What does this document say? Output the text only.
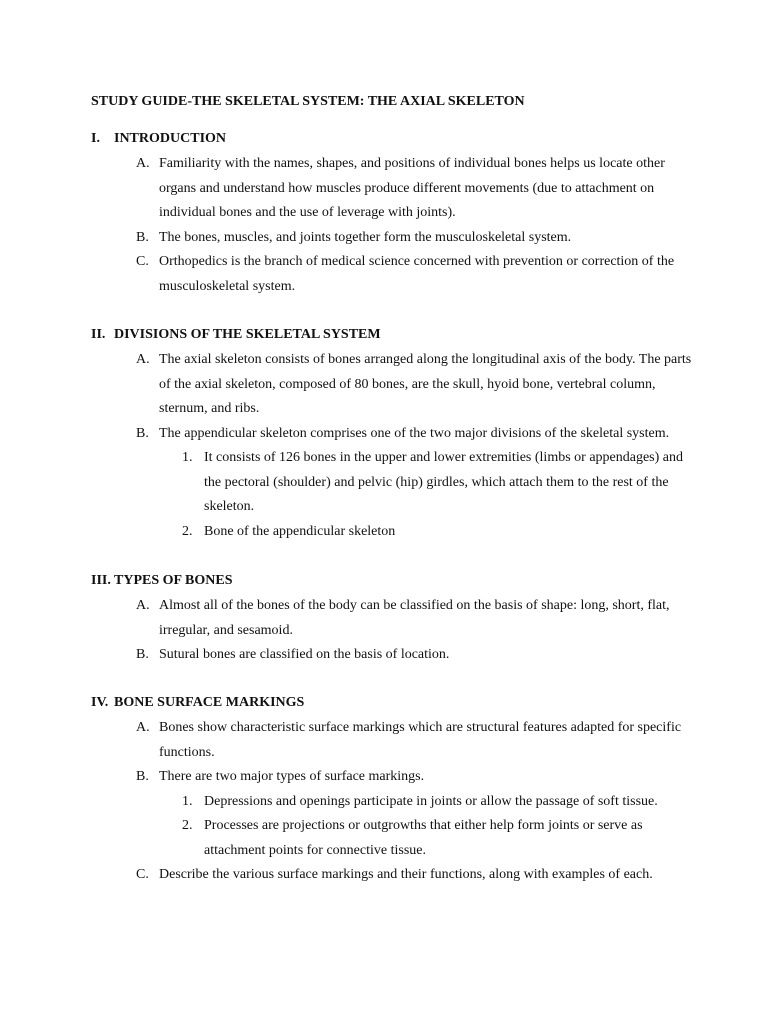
STUDY GUIDE-THE SKELETAL SYSTEM: THE AXIAL SKELETON
I. INTRODUCTION
A. Familiarity with the names, shapes, and positions of individual bones helps us locate other organs and understand how muscles produce different movements (due to attachment on individual bones and the use of leverage with joints).
B. The bones, muscles, and joints together form the musculoskeletal system.
C. Orthopedics is the branch of medical science concerned with prevention or correction of the musculoskeletal system.
II. DIVISIONS OF THE SKELETAL SYSTEM
A. The axial skeleton consists of bones arranged along the longitudinal axis of the body. The parts of the axial skeleton, composed of 80 bones, are the skull, hyoid bone, vertebral column, sternum, and ribs.
B. The appendicular skeleton comprises one of the two major divisions of the skeletal system.
1. It consists of 126 bones in the upper and lower extremities (limbs or appendages) and the pectoral (shoulder) and pelvic (hip) girdles, which attach them to the rest of the skeleton.
2. Bone of the appendicular skeleton
III. TYPES OF BONES
A. Almost all of the bones of the body can be classified on the basis of shape: long, short, flat, irregular, and sesamoid.
B. Sutural bones are classified on the basis of location.
IV. BONE SURFACE MARKINGS
A. Bones show characteristic surface markings which are structural features adapted for specific functions.
B. There are two major types of surface markings.
1. Depressions and openings participate in joints or allow the passage of soft tissue.
2. Processes are projections or outgrowths that either help form joints or serve as attachment points for connective tissue.
C. Describe the various surface markings and their functions, along with examples of each.
